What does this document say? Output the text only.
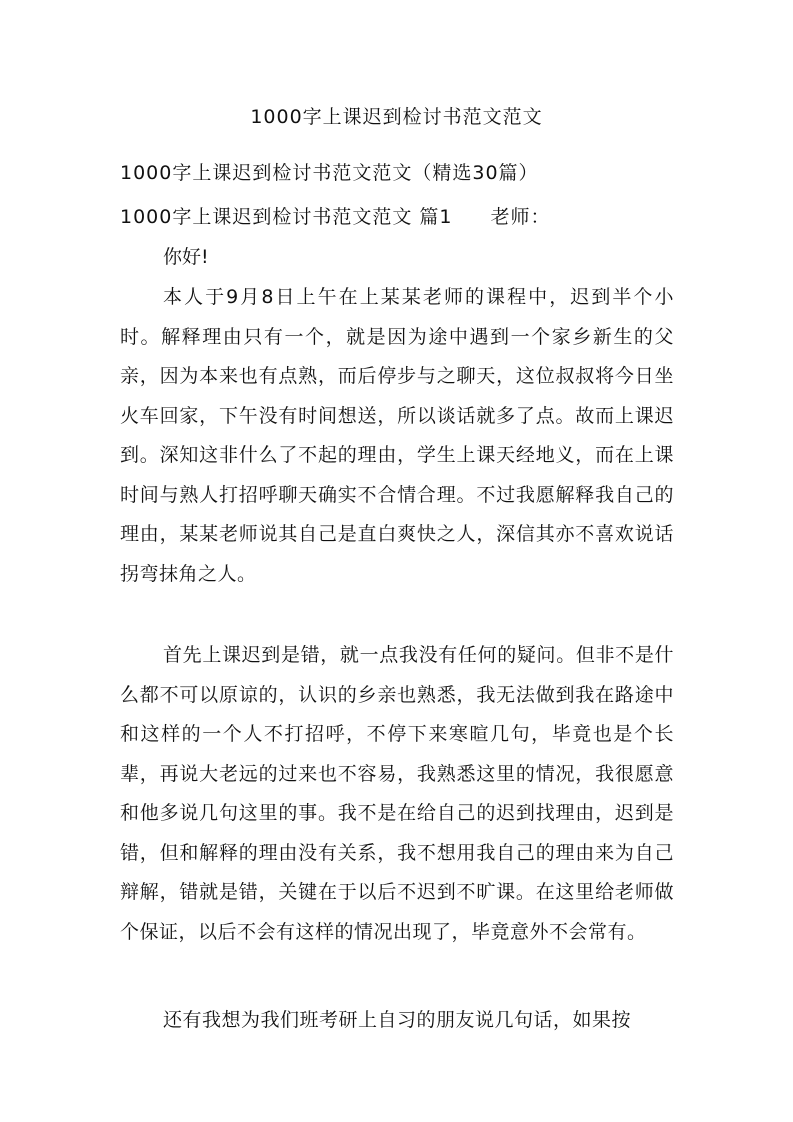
1000字上课迟到检讨书范文范文
1000字上课迟到检讨书范文范文（精选30篇）
1000字上课迟到检讨书范文范文 篇1 老师：
你好!

本人于9月8日上午在上某某老师的课程中，迟到半个小时。解释理由只有一个，就是因为途中遇到一个家乡新生的父亲，因为本来也有点熟，而后停步与之聊天，这位叔叔将今日坐火车回家，下午没有时间想送，所以谈话就多了点。故而上课迟到。深知这非什么了不起的理由，学生上课天经地义，而在上课时间与熟人打招呼聊天确实不合情合理。不过我愿解释我自己的理由，某某老师说其自己是直白爽快之人，深信其亦不喜欢说话拐弯抹角之人。

首先上课迟到是错，就一点我没有任何的疑问。但非不是什么都不可以原谅的，认识的乡亲也熟悉，我无法做到我在路途中和这样的一个人不打招呼，不停下来寒暄几句，毕竟也是个长辈，再说大老远的过来也不容易，我熟悉这里的情况，我很愿意和他多说几句这里的事。我不是在给自己的迟到找理由，迟到是错，但和解释的理由没有关系，我不想用我自己的理由来为自己辩解，错就是错，关键在于以后不迟到不旷课。在这里给老师做个保证，以后不会有这样的情况出现了，毕竟意外不会常有。

还有我想为我们班考研上自习的朋友说几句话，如果按
